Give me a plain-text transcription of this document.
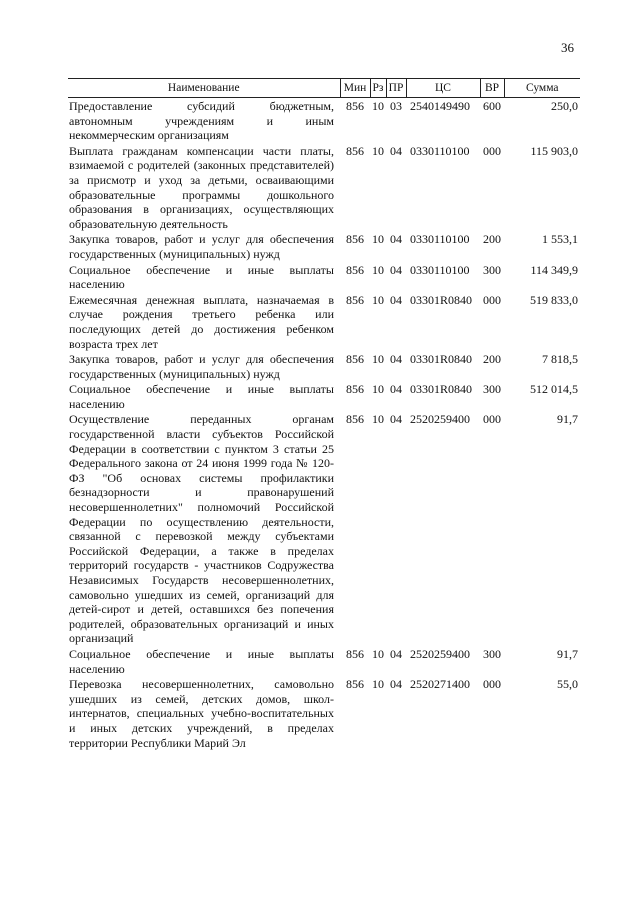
36
Наименование	Мин	Рз	ПР	ЦС	ВР	Сумма
Предоставление субсидий бюджетным, автономным учреждениям и иным некоммерческим организациям	856	10	03	2540149490	600	250,0
Выплата гражданам компенсации части платы, взимаемой с родителей (законных представителей) за присмотр и уход за детьми, осваивающими образовательные программы дошкольного образования в организациях, осуществляющих образовательную деятельность	856	10	04	0330110100	000	115 903,0
Закупка товаров, работ и услуг для обеспечения государственных (муниципальных) нужд	856	10	04	0330110100	200	1 553,1
Социальное обеспечение и иные выплаты населению	856	10	04	0330110100	300	114 349,9
Ежемесячная денежная выплата, назначаемая в случае рождения третьего ребенка или последующих детей до достижения ребенком возраста трех лет	856	10	04	03301R0840	000	519 833,0
Закупка товаров, работ и услуг для обеспечения государственных (муниципальных) нужд	856	10	04	03301R0840	200	7 818,5
Социальное обеспечение и иные выплаты населению	856	10	04	03301R0840	300	512 014,5
Осуществление переданных органам государственной власти субъектов Российской Федерации в соответствии с пунктом 3 статьи 25 Федерального закона от 24 июня 1999 года № 120-ФЗ "Об основах системы профилактики безнадзорности и правонарушений несовершеннолетних" полномочий Российской Федерации по осуществлению деятельности, связанной с перевозкой между субъектами Российской Федерации, а также в пределах территорий государств - участников Содружества Независимых Государств несовершеннолетних, самовольно ушедших из семей, организаций для детей-сирот и детей, оставшихся без попечения родителей, образовательных организаций и иных организаций	856	10	04	2520259400	000	91,7
Социальное обеспечение и иные выплаты населению	856	10	04	2520259400	300	91,7
Перевозка несовершеннолетних, самовольно ушедших из семей, детских домов, школ-интернатов, специальных учебно-воспитательных и иных детских учреждений, в пределах территории Республики Марий Эл	856	10	04	2520271400	000	55,0
